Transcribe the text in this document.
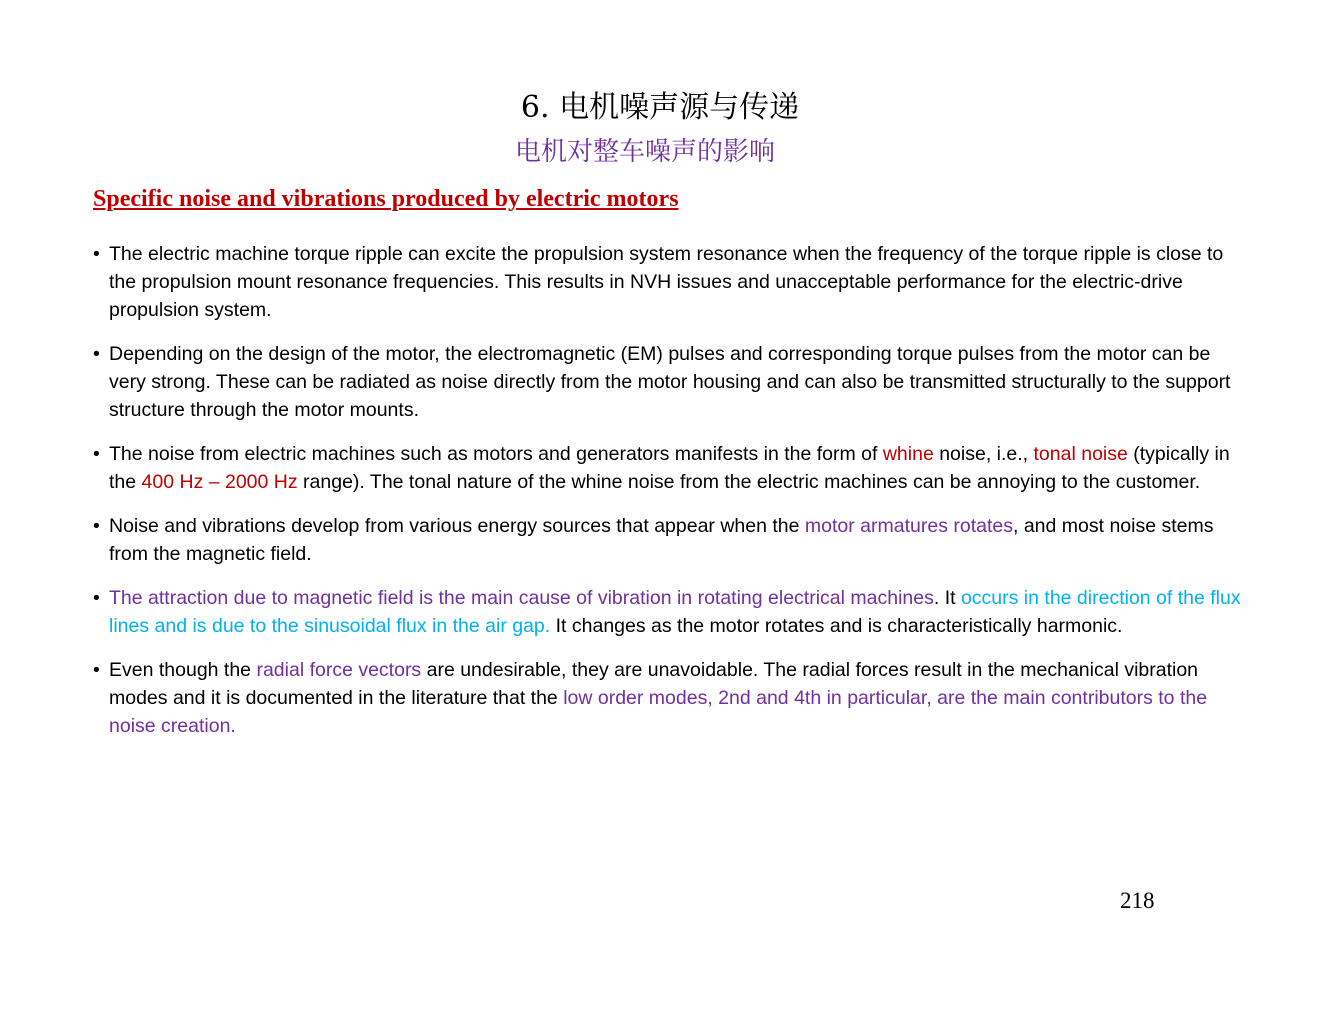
6. 电机噪声源与传递
电机对整车噪声的影响
Specific noise and vibrations produced by electric motors
• The electric machine torque ripple can excite the propulsion system resonance when the frequency of the torque ripple is close to the propulsion mount resonance frequencies. This results in NVH issues and unacceptable performance for the electric-drive propulsion system.
• Depending on the design of the motor, the electromagnetic (EM) pulses and corresponding torque pulses from the motor can be very strong. These can be radiated as noise directly from the motor housing and can also be transmitted structurally to the support structure through the motor mounts.
• The noise from electric machines such as motors and generators manifests in the form of whine noise, i.e., tonal noise (typically in the 400 Hz – 2000 Hz range). The tonal nature of the whine noise from the electric machines can be annoying to the customer.
• Noise and vibrations develop from various energy sources that appear when the motor armatures rotates, and most noise stems from the magnetic field.
• The attraction due to magnetic field is the main cause of vibration in rotating electrical machines. It occurs in the direction of the flux lines and is due to the sinusoidal flux in the air gap. It changes as the motor rotates and is characteristically harmonic.
• Even though the radial force vectors are undesirable, they are unavoidable. The radial forces result in the mechanical vibration modes and it is documented in the literature that the low order modes, 2nd and 4th in particular, are the main contributors to the noise creation.
218
